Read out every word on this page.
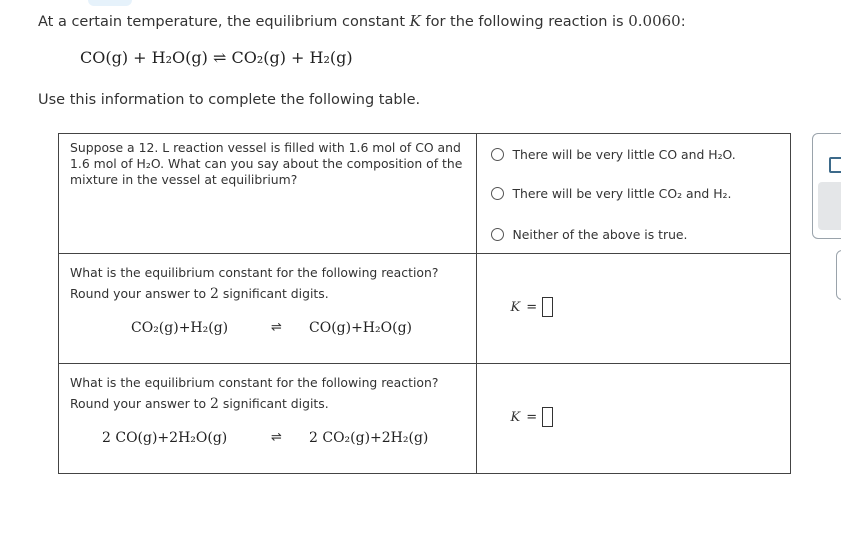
At a certain temperature, the equilibrium constant K for the following reaction is 0.0060:
CO(g) + H₂O(g) ⇌ CO₂(g) + H₂(g)
Use this information to complete the following table.
Suppose a 12. L reaction vessel is filled with 1.6 mol of CO and 1.6 mol of H₂O. What can you say about the composition of the mixture in the vessel at equilibrium?	There will be very little CO and H₂O.
There will be very little CO₂ and H₂.
Neither of the above is true.

What is the equilibrium constant for the following reaction?
Round your answer to 2 significant digits.
CO₂(g)+H₂(g) ⇌ CO(g)+H₂O(g)	K =

What is the equilibrium constant for the following reaction?
Round your answer to 2 significant digits.
2 CO(g)+2H₂O(g) ⇌ 2 CO₂(g)+2H₂(g)	K =
